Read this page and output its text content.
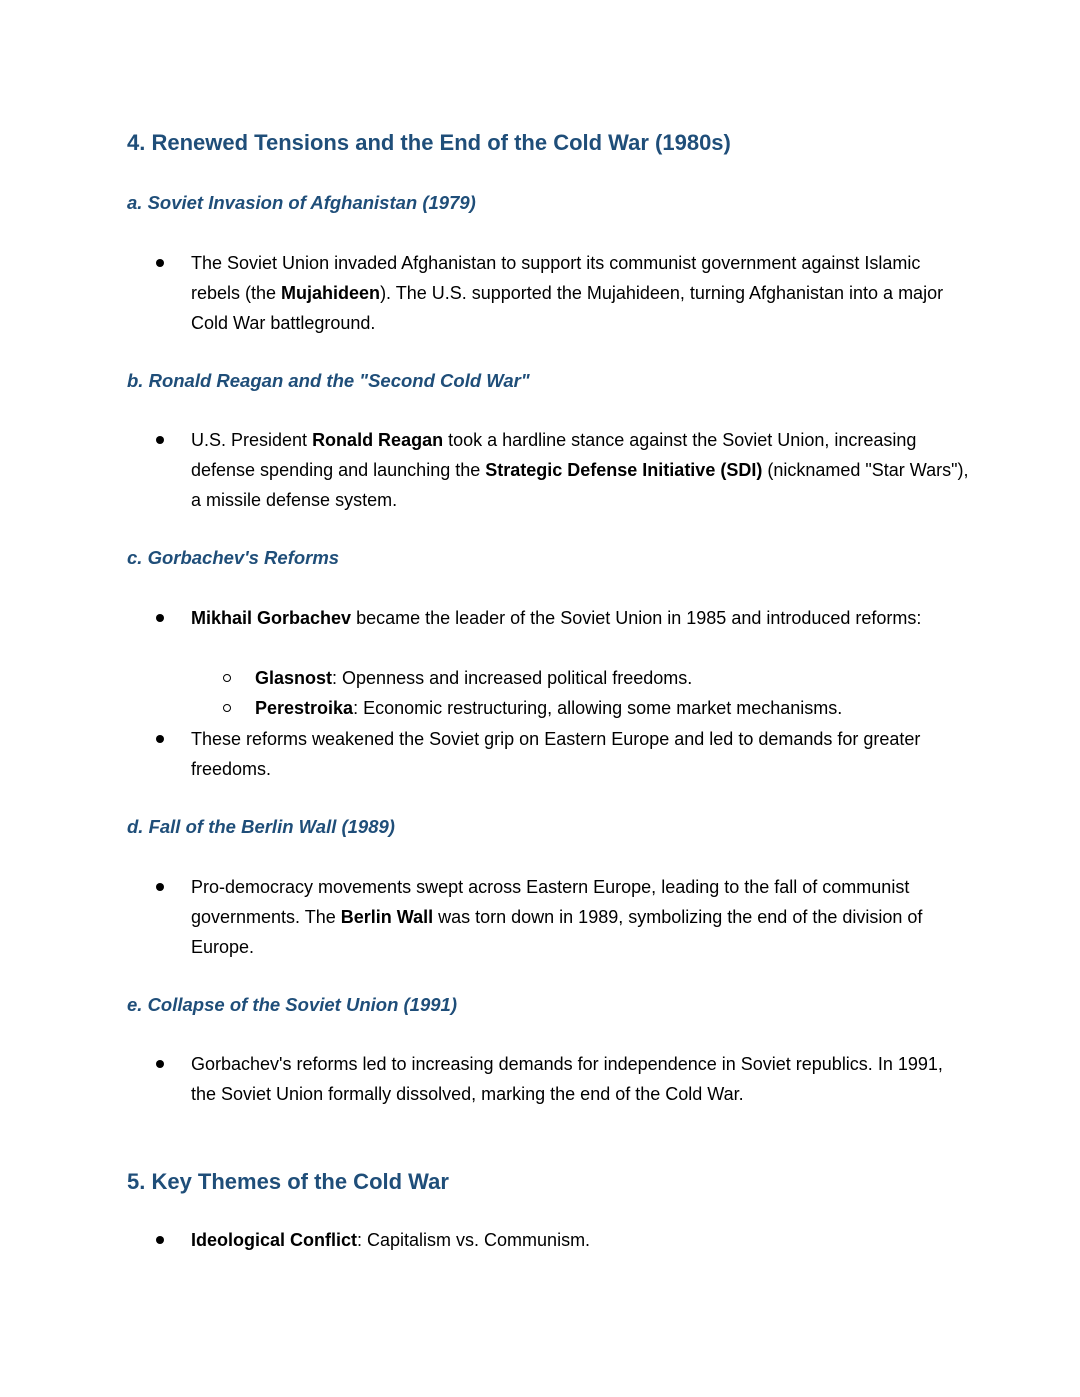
4. Renewed Tensions and the End of the Cold War (1980s)
a. Soviet Invasion of Afghanistan (1979)

The Soviet Union invaded Afghanistan to support its communist government against Islamic rebels (the Mujahideen). The U.S. supported the Mujahideen, turning Afghanistan into a major Cold War battleground.

b. Ronald Reagan and the "Second Cold War"

U.S. President Ronald Reagan took a hardline stance against the Soviet Union, increasing defense spending and launching the Strategic Defense Initiative (SDI) (nicknamed "Star Wars"), a missile defense system.

c. Gorbachev's Reforms

Mikhail Gorbachev became the leader of the Soviet Union in 1985 and introduced reforms:

Glasnost: Openness and increased political freedoms.

Perestroika: Economic restructuring, allowing some market mechanisms.

These reforms weakened the Soviet grip on Eastern Europe and led to demands for greater freedoms.

d. Fall of the Berlin Wall (1989)

Pro-democracy movements swept across Eastern Europe, leading to the fall of communist governments. The Berlin Wall was torn down in 1989, symbolizing the end of the division of Europe.

e. Collapse of the Soviet Union (1991)

Gorbachev's reforms led to increasing demands for independence in Soviet republics. In 1991, the Soviet Union formally dissolved, marking the end of the Cold War.

5. Key Themes of the Cold War

Ideological Conflict: Capitalism vs. Communism.
